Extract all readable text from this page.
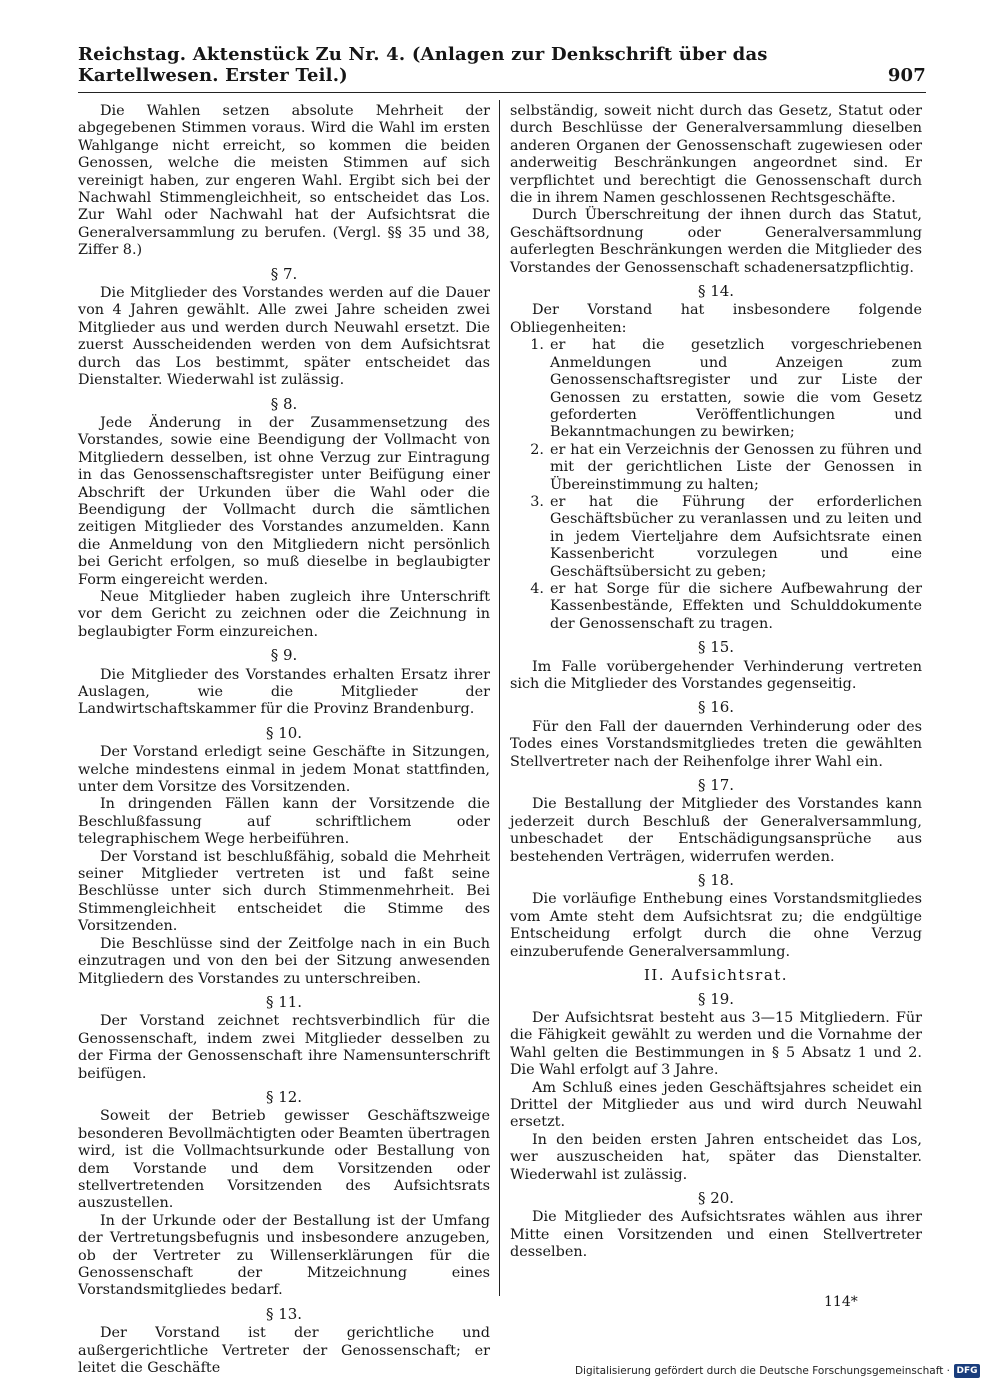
Reichstag. Aktenstück Zu Nr. 4. (Anlagen zur Denkschrift über das Kartellwesen. Erster Teil.)	907

Die Wahlen setzen absolute Mehrheit der abgegebenen Stimmen voraus. Wird die Wahl im ersten Wahlgange nicht erreicht, so kommen die beiden Genossen, welche die meisten Stimmen auf sich vereinigt haben, zur engeren Wahl. Ergibt sich bei der Nachwahl Stimmengleichheit, so entscheidet das Los. Zur Wahl oder Nachwahl hat der Aufsichtsrat die Generalversammlung zu berufen. (Vergl. §§ 35 und 38, Ziffer 8.)

§ 7.

Die Mitglieder des Vorstandes werden auf die Dauer von 4 Jahren gewählt. Alle zwei Jahre scheiden zwei Mitglieder aus und werden durch Neuwahl ersetzt. Die zuerst Ausscheidenden werden von dem Aufsichtsrat durch das Los bestimmt, später entscheidet das Dienstalter. Wiederwahl ist zulässig.

§ 8.

Jede Änderung in der Zusammensetzung des Vorstandes, sowie eine Beendigung der Vollmacht von Mitgliedern desselben, ist ohne Verzug zur Eintragung in das Genossenschaftsregister unter Beifügung einer Abschrift der Urkunden über die Wahl oder die Beendigung der Vollmacht durch die sämtlichen zeitigen Mitglieder des Vorstandes anzumelden. Kann die Anmeldung von den Mitgliedern nicht persönlich bei Gericht erfolgen, so muß dieselbe in beglaubigter Form eingereicht werden.

Neue Mitglieder haben zugleich ihre Unterschrift vor dem Gericht zu zeichnen oder die Zeichnung in beglaubigter Form einzureichen.

§ 9.

Die Mitglieder des Vorstandes erhalten Ersatz ihrer Auslagen, wie die Mitglieder der Landwirtschaftskammer für die Provinz Brandenburg.

§ 10.

Der Vorstand erledigt seine Geschäfte in Sitzungen, welche mindestens einmal in jedem Monat stattfinden, unter dem Vorsitze des Vorsitzenden.

In dringenden Fällen kann der Vorsitzende die Beschlußfassung auf schriftlichem oder telegraphischem Wege herbeiführen.

Der Vorstand ist beschlußfähig, sobald die Mehrheit seiner Mitglieder vertreten ist und faßt seine Beschlüsse unter sich durch Stimmenmehrheit. Bei Stimmengleichheit entscheidet die Stimme des Vorsitzenden.

Die Beschlüsse sind der Zeitfolge nach in ein Buch einzutragen und von den bei der Sitzung anwesenden Mitgliedern des Vorstandes zu unterschreiben.

§ 11.

Der Vorstand zeichnet rechtsverbindlich für die Genossenschaft, indem zwei Mitglieder desselben zu der Firma der Genossenschaft ihre Namensunterschrift beifügen.

§ 12.

Soweit der Betrieb gewisser Geschäftszweige besonderen Bevollmächtigten oder Beamten übertragen wird, ist die Vollmachtsurkunde oder Bestallung von dem Vorstande und dem Vorsitzenden oder stellvertretenden Vorsitzenden des Aufsichtsrats auszustellen.

In der Urkunde oder der Bestallung ist der Umfang der Vertretungsbefugnis und insbesondere anzugeben, ob der Vertreter zu Willenserklärungen für die Genossenschaft der Mitzeichnung eines Vorstandsmitgliedes bedarf.

§ 13.

Der Vorstand ist der gerichtliche und außergerichtliche Vertreter der Genossenschaft; er leitet die Geschäfte

selbständig, soweit nicht durch das Gesetz, Statut oder durch Beschlüsse der Generalversammlung dieselben anderen Organen der Genossenschaft zugewiesen oder anderweitig Beschränkungen angeordnet sind. Er verpflichtet und berechtigt die Genossenschaft durch die in ihrem Namen geschlossenen Rechtsgeschäfte.

Durch Überschreitung der ihnen durch das Statut, Geschäftsordnung oder Generalversammlung auferlegten Beschränkungen werden die Mitglieder des Vorstandes der Genossenschaft schadenersatzpflichtig.

§ 14.

Der Vorstand hat insbesondere folgende Obliegenheiten:

1. er hat die gesetzlich vorgeschriebenen Anmeldungen und Anzeigen zum Genossenschaftsregister und zur Liste der Genossen zu erstatten, sowie die vom Gesetz geforderten Veröffentlichungen und Bekanntmachungen zu bewirken;
2. er hat ein Verzeichnis der Genossen zu führen und mit der gerichtlichen Liste der Genossen in Übereinstimmung zu halten;
3. er hat die Führung der erforderlichen Geschäftsbücher zu veranlassen und zu leiten und in jedem Vierteljahre dem Aufsichtsrate einen Kassenbericht vorzulegen und eine Geschäftsübersicht zu geben;
4. er hat Sorge für die sichere Aufbewahrung der Kassenbestände, Effekten und Schulddokumente der Genossenschaft zu tragen.
§ 15.

Im Falle vorübergehender Verhinderung vertreten sich die Mitglieder des Vorstandes gegenseitig.

§ 16.

Für den Fall der dauernden Verhinderung oder des Todes eines Vorstandsmitgliedes treten die gewählten Stellvertreter nach der Reihenfolge ihrer Wahl ein.

§ 17.

Die Bestallung der Mitglieder des Vorstandes kann jederzeit durch Beschluß der Generalversammlung, unbeschadet der Entschädigungsansprüche aus bestehenden Verträgen, widerrufen werden.

§ 18.

Die vorläufige Enthebung eines Vorstandsmitgliedes vom Amte steht dem Aufsichtsrat zu; die endgültige Entscheidung erfolgt durch die ohne Verzug einzuberufende Generalversammlung.

II. Aufsichtsrat.
§ 19.

Der Aufsichtsrat besteht aus 3—15 Mitgliedern. Für die Fähigkeit gewählt zu werden und die Vornahme der Wahl gelten die Bestimmungen in § 5 Absatz 1 und 2. Die Wahl erfolgt auf 3 Jahre.

Am Schluß eines jeden Geschäftsjahres scheidet ein Drittel der Mitglieder aus und wird durch Neuwahl ersetzt.

In den beiden ersten Jahren entscheidet das Los, wer auszuscheiden hat, später das Dienstalter. Wiederwahl ist zulässig.

§ 20.

Die Mitglieder des Aufsichtsrates wählen aus ihrer Mitte einen Vorsitzenden und einen Stellvertreter desselben.

114*
Digitalisierung gefördert durch die Deutsche Forschungsgemeinschaft · DFG
